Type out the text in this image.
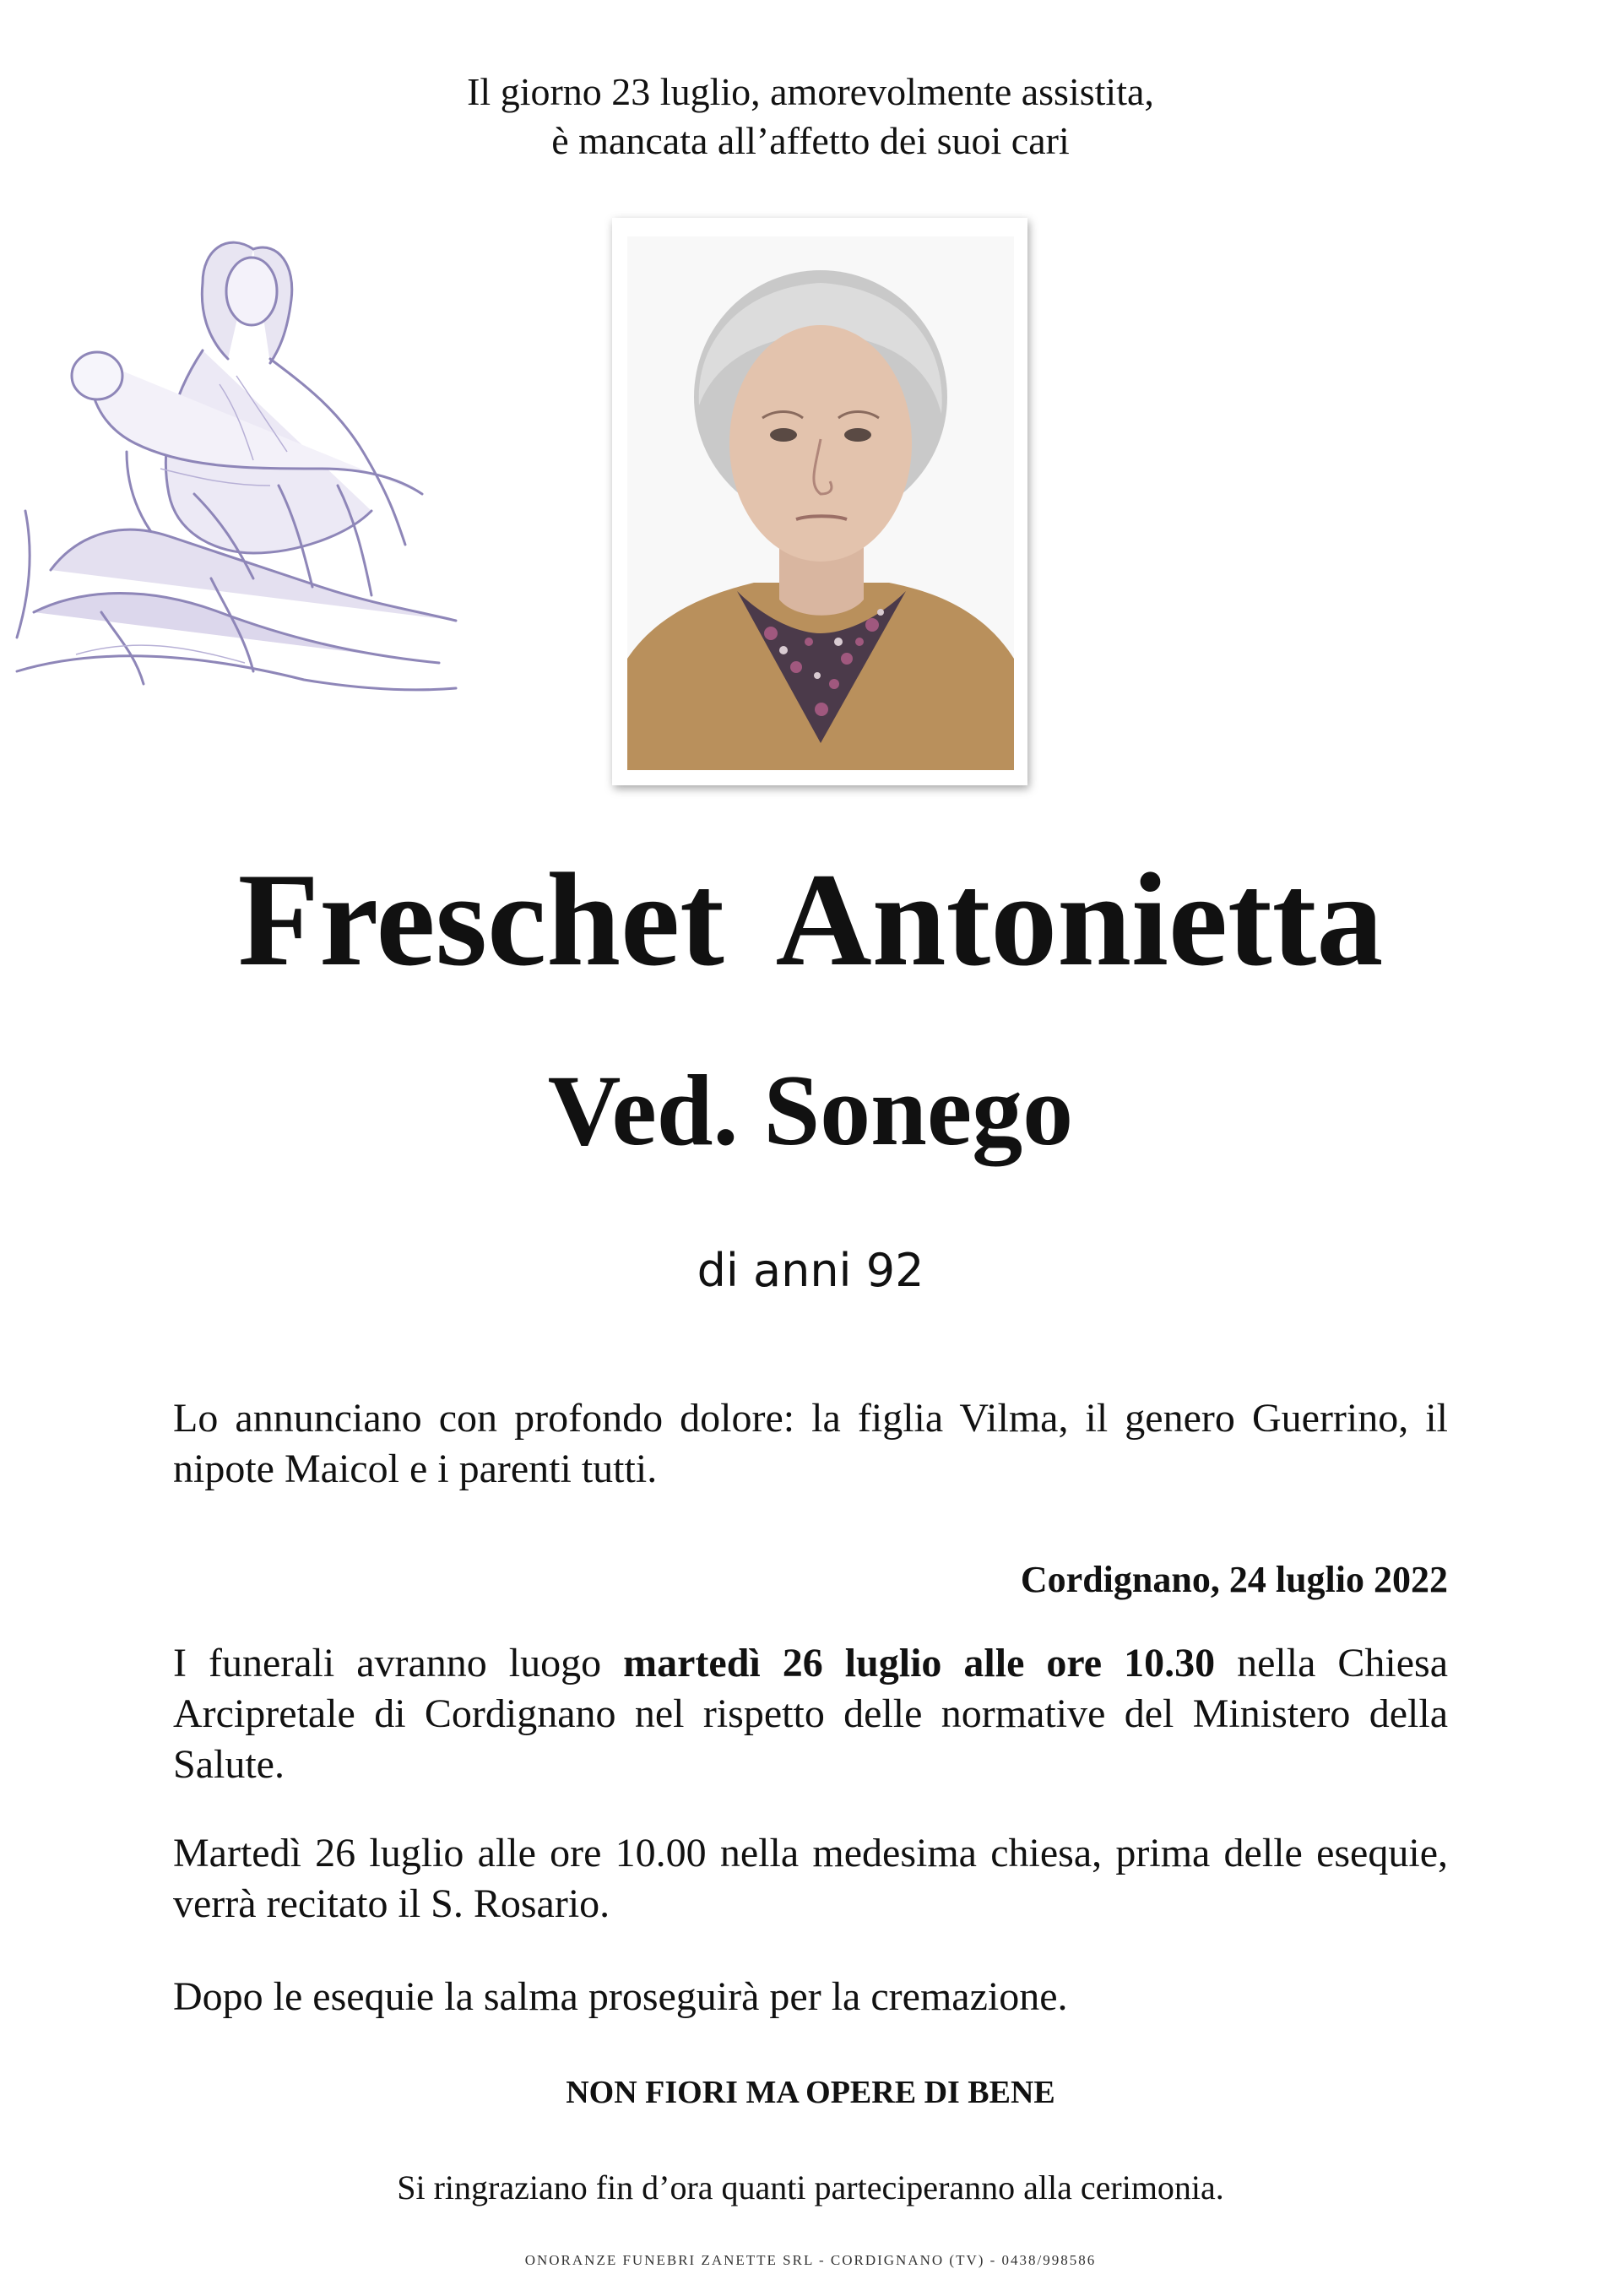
Il giorno 23 luglio, amorevolmente assistita,
è mancata all’affetto dei suoi cari
Freschet Antonietta
Ved. Sonego
di anni 92
Lo annunciano con profondo dolore: la figlia Vilma, il genero Guerrino, il nipote Maicol e i parenti tutti.
Cordignano, 24 luglio 2022
I funerali avranno luogo martedì 26 luglio alle ore 10.30 nella Chiesa Arcipretale di Cordignano nel rispetto delle normative del Ministero della Salute.
Martedì 26 luglio alle ore 10.00 nella medesima chiesa, prima delle esequie, verrà recitato il S. Rosario.
Dopo le esequie la salma proseguirà per la cremazione.
NON FIORI MA OPERE DI BENE
Si ringraziano fin d’ora quanti parteciperanno alla cerimonia.
ONORANZE FUNEBRI ZANETTE SRL - CORDIGNANO (TV) - 0438/998586
